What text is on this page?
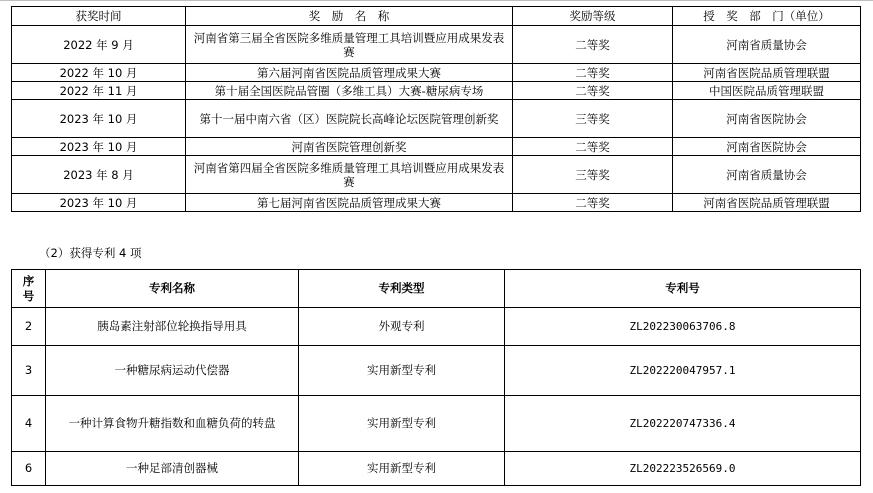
获奖时间	奖　励　名　称	奖励等级	授　奖　部　门（单位）
2022 年 9 月	河南省第三届全省医院多维质量管理工具培训暨应用成果发表赛	二等奖	河南省质量协会
2022 年 10 月	第六届河南省医院品质管理成果大赛	二等奖	河南省医院品质管理联盟
2022 年 11 月	第十届全国医院品管圈（多维工具）大赛-糖尿病专场	二等奖	中国医院品质管理联盟
2023 年 10 月	第十一届中南六省（区）医院院长高峰论坛医院管理创新奖	三等奖	河南省医院协会
2023 年 10 月	河南省医院管理创新奖	二等奖	河南省医院协会
2023 年 8 月	河南省第四届全省医院多维质量管理工具培训暨应用成果发表赛	三等奖	河南省质量协会
2023 年 10 月	第七届河南省医院品质管理成果大赛	二等奖	河南省医院品质管理联盟
（2）获得专利 4 项
序号	专利名称	专利类型	专利号
2	胰岛素注射部位轮换指导用具	外观专利	ZL202230063706.8
3	一种糖尿病运动代偿器	实用新型专利	ZL202220047957.1
4	一种计算食物升糖指数和血糖负荷的转盘	实用新型专利	ZL202220747336.4
6	一种足部清创器械	实用新型专利	ZL202223526569.0
